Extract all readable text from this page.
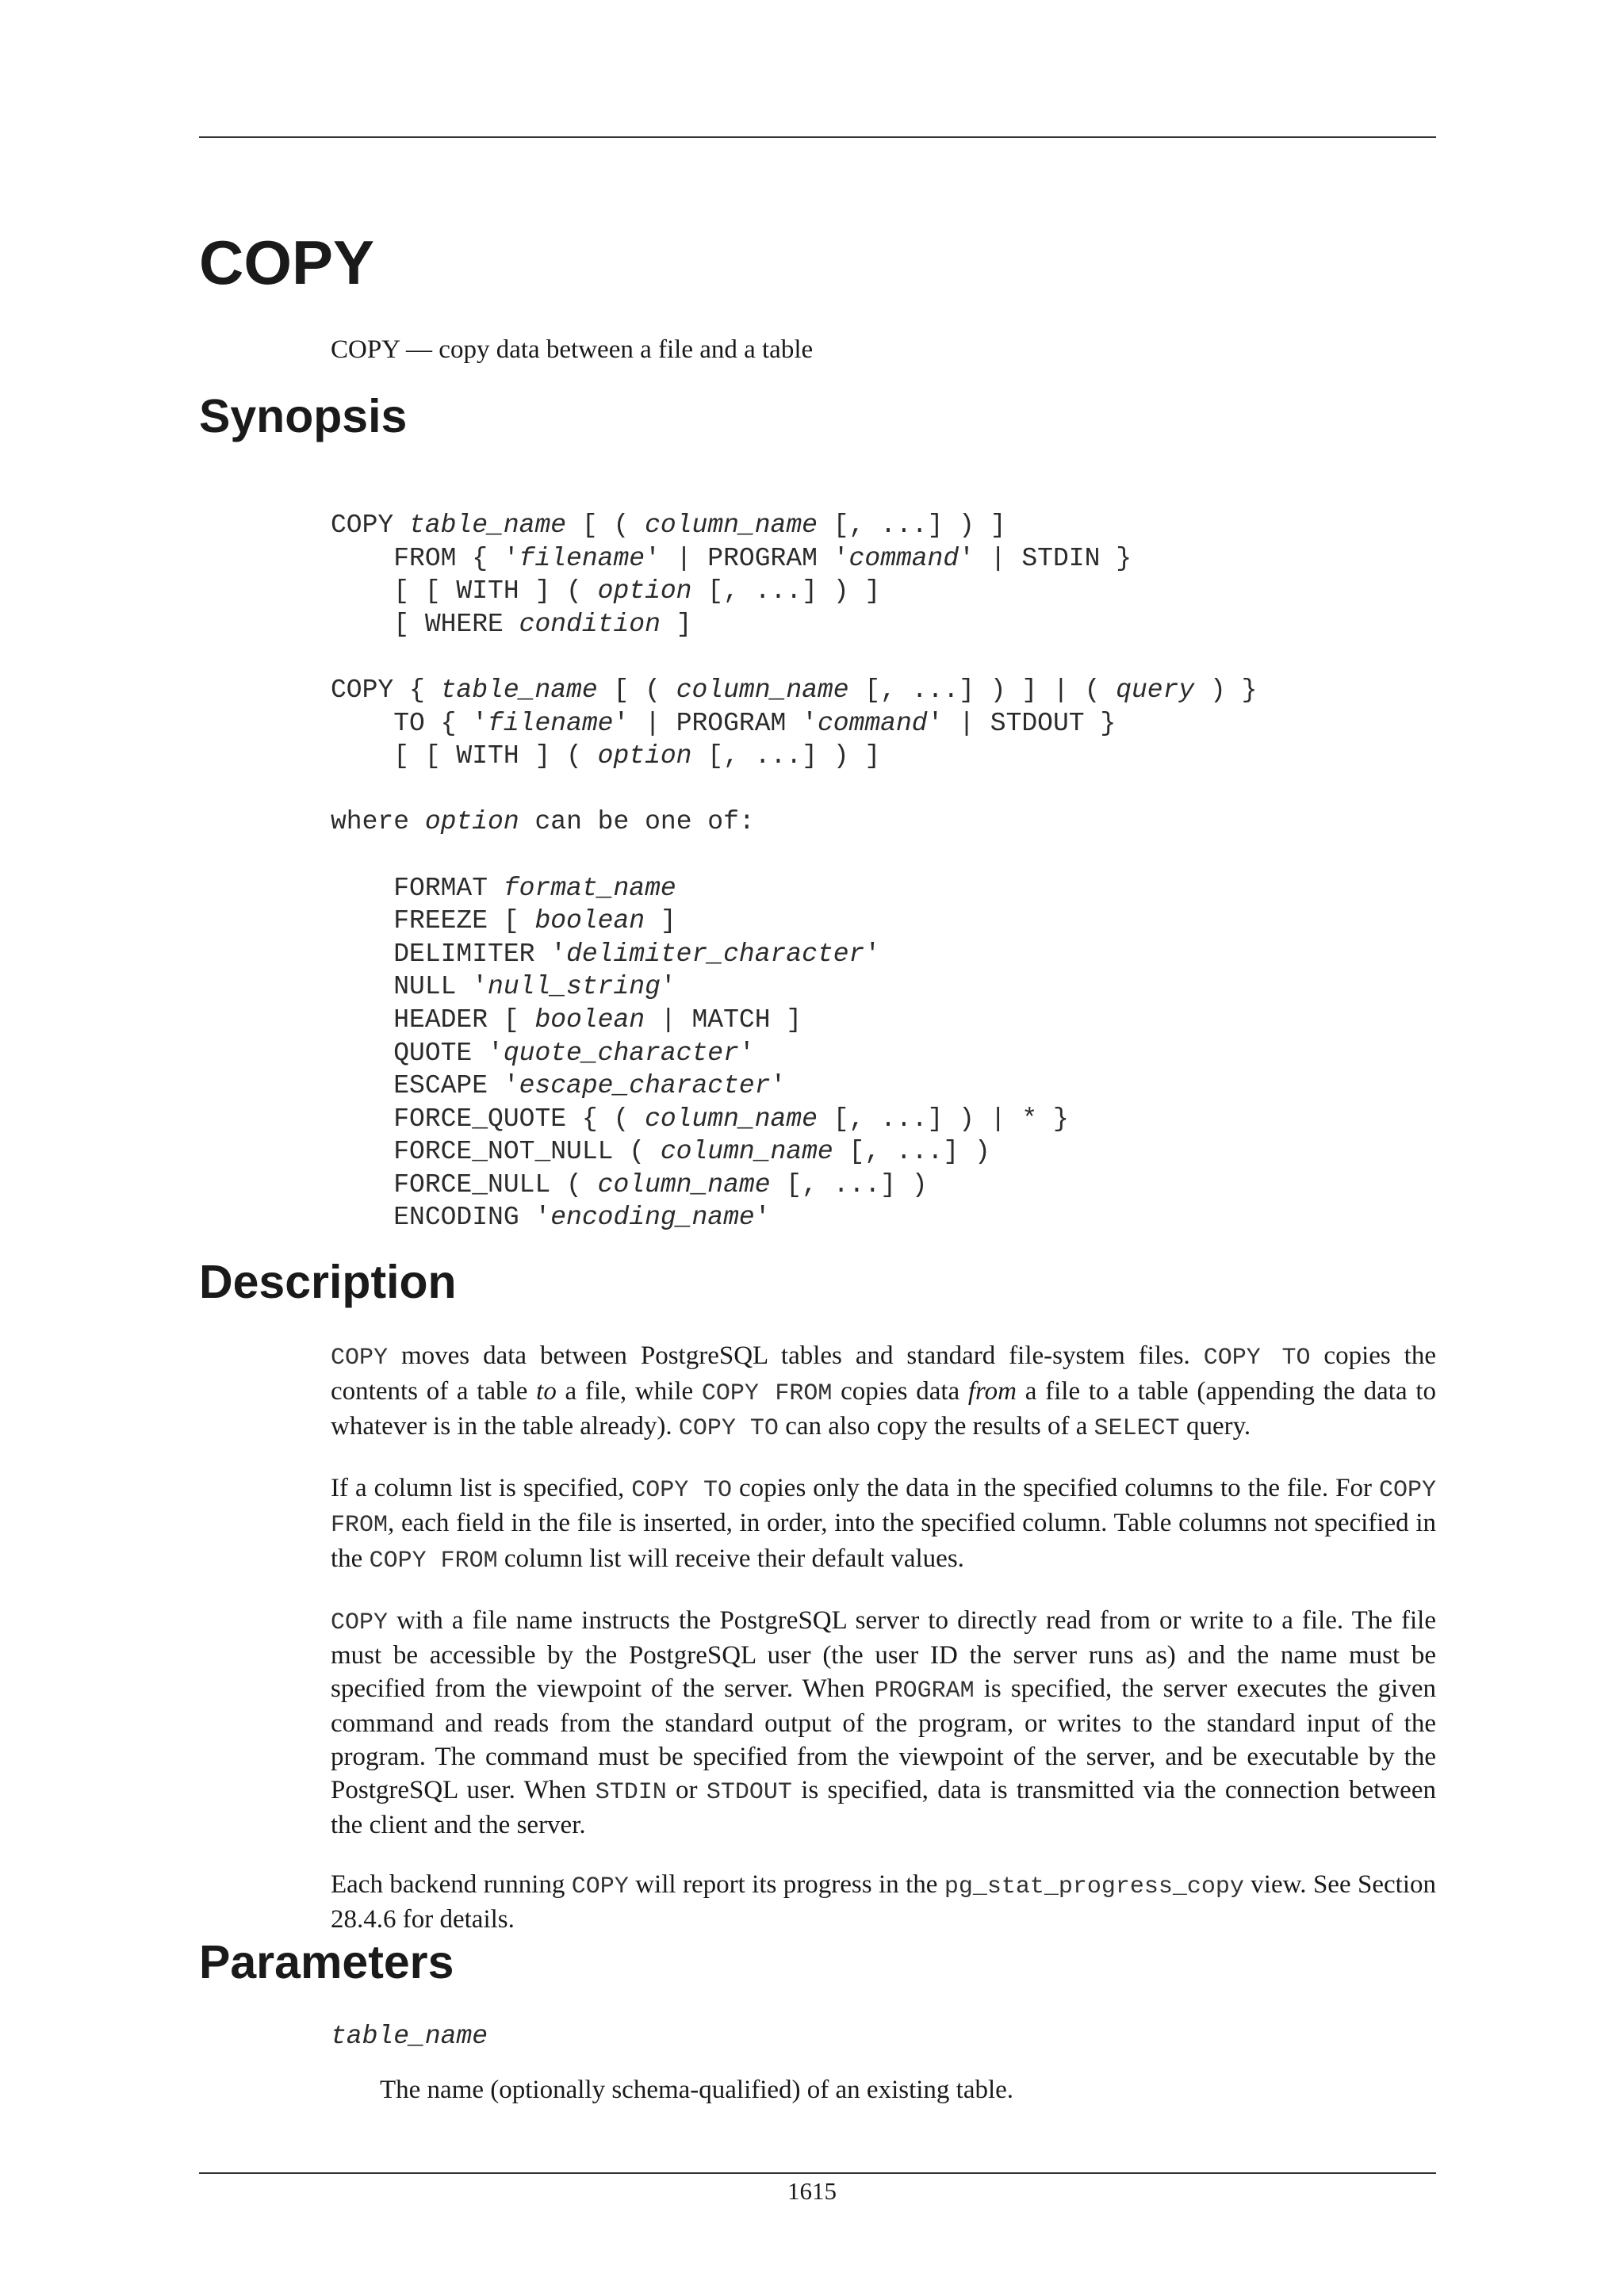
COPY

COPY — copy data between a file and a table

Synopsis
COPY table_name [ ( column_name [, ...] ) ]
FROM { 'filename' | PROGRAM 'command' | STDIN }
[ [ WITH ] ( option [, ...] ) ]
[ WHERE condition ]

COPY { table_name [ ( column_name [, ...] ) ] | ( query ) }
TO { 'filename' | PROGRAM 'command' | STDOUT }
[ [ WITH ] ( option [, ...] ) ]

where option can be one of:

FORMAT format_name
FREEZE [ boolean ]
DELIMITER 'delimiter_character'
NULL 'null_string'
HEADER [ boolean | MATCH ]
QUOTE 'quote_character'
ESCAPE 'escape_character'
FORCE_QUOTE { ( column_name [, ...] ) | * }
FORCE_NOT_NULL ( column_name [, ...] )
FORCE_NULL ( column_name [, ...] )
ENCODING 'encoding_name'

Description

COPY moves data between PostgreSQL tables and standard file-system files. COPY TO copies the contents of a table to a file, while COPY FROM copies data from a file to a table (appending the data to whatever is in the table already). COPY TO can also copy the results of a SELECT query.

If a column list is specified, COPY TO copies only the data in the specified columns to the file. For COPY FROM, each field in the file is inserted, in order, into the specified column. Table columns not specified in the COPY FROM column list will receive their default values.

COPY with a file name instructs the PostgreSQL server to directly read from or write to a file. The file must be accessible by the PostgreSQL user (the user ID the server runs as) and the name must be specified from the viewpoint of the server. When PROGRAM is specified, the server executes the given command and reads from the standard output of the program, or writes to the standard input of the program. The command must be specified from the viewpoint of the server, and be executable by the PostgreSQL user. When STDIN or STDOUT is specified, data is transmitted via the connection between the client and the server.

Each backend running COPY will report its progress in the pg_stat_progress_copy view. See Section 28.4.6 for details.

Parameters
table_name
The name (optionally schema-qualified) of an existing table.
1615
